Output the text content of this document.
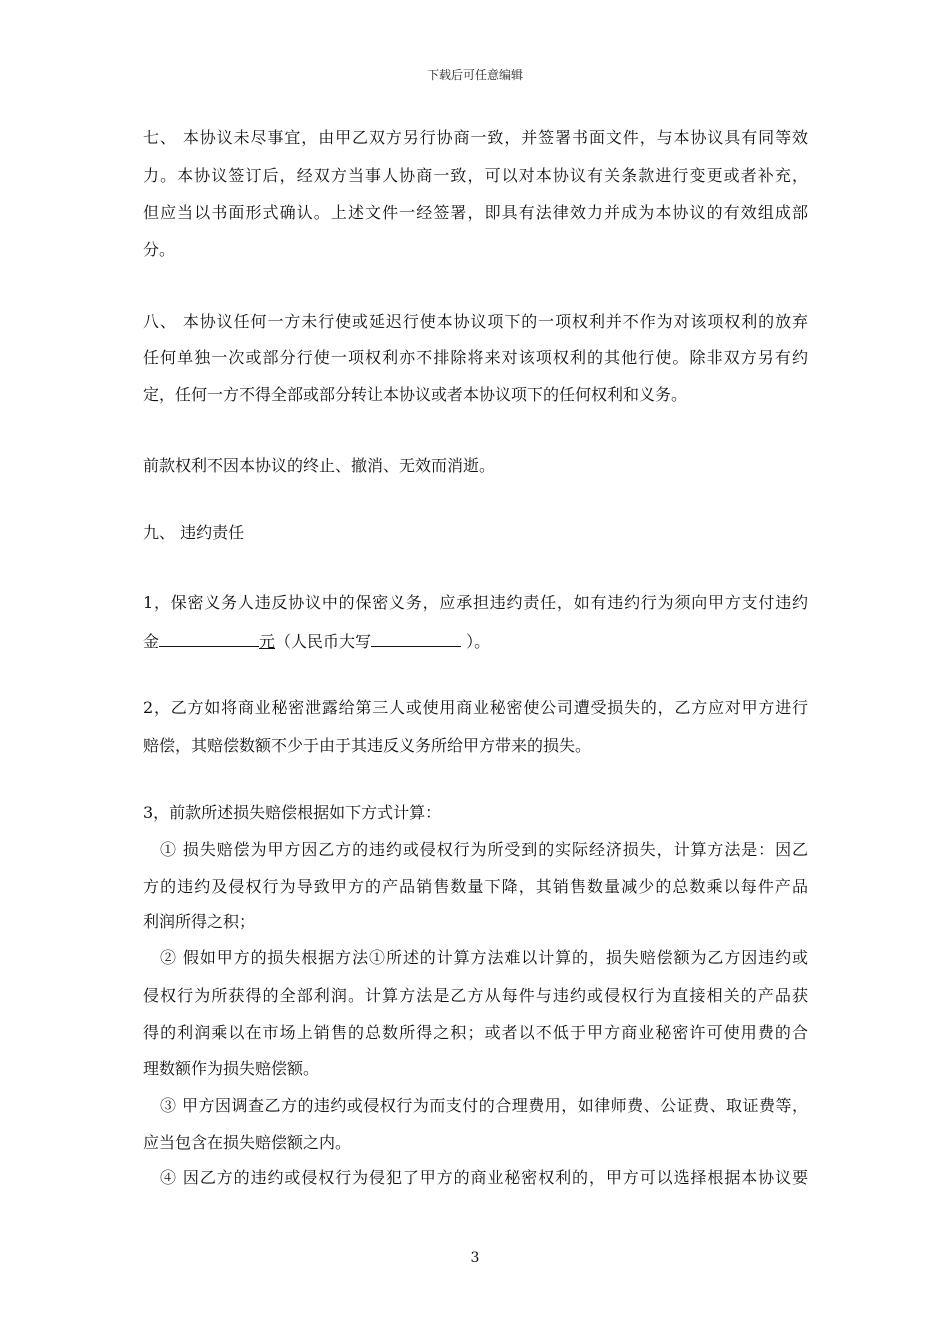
下载后可任意编辑
七、 本协议未尽事宜，由甲乙双方另行协商一致，并签署书面文件，与本协议具有同等效
力。本协议签订后，经双方当事人协商一致，可以对本协议有关条款进行变更或者补充，
但应当以书面形式确认。上述文件一经签署，即具有法律效力并成为本协议的有效组成部
分。
八、 本协议任何一方未行使或延迟行使本协议项下的一项权利并不作为对该项权利的放弃
任何单独一次或部分行使一项权利亦不排除将来对该项权利的其他行使。除非双方另有约
定，任何一方不得全部或部分转让本协议或者本协议项下的任何权利和义务。
前款权利不因本协议的终止、撤消、无效而消逝。
九、 违约责任
1，保密义务人违反协议中的保密义务，应承担违约责任，如有违约行为须向甲方支付违约
金	元（人民币大写	）。
2，乙方如将商业秘密泄露给第三人或使用商业秘密使公司遭受损失的，乙方应对甲方进行
赔偿，其赔偿数额不少于由于其违反义务所给甲方带来的损失。
3，前款所述损失赔偿根据如下方式计算：
① 损失赔偿为甲方因乙方的违约或侵权行为所受到的实际经济损失，计算方法是：因乙
方的违约及侵权行为导致甲方的产品销售数量下降，其销售数量减少的总数乘以每件产品
利润所得之积；
② 假如甲方的损失根据方法①所述的计算方法难以计算的，损失赔偿额为乙方因违约或
侵权行为所获得的全部利润。计算方法是乙方从每件与违约或侵权行为直接相关的产品获
得的利润乘以在市场上销售的总数所得之积；或者以不低于甲方商业秘密许可使用费的合
理数额作为损失赔偿额。
③ 甲方因调查乙方的违约或侵权行为而支付的合理费用，如律师费、公证费、取证费等，
应当包含在损失赔偿额之内。
④ 因乙方的违约或侵权行为侵犯了甲方的商业秘密权利的，甲方可以选择根据本协议要
3
